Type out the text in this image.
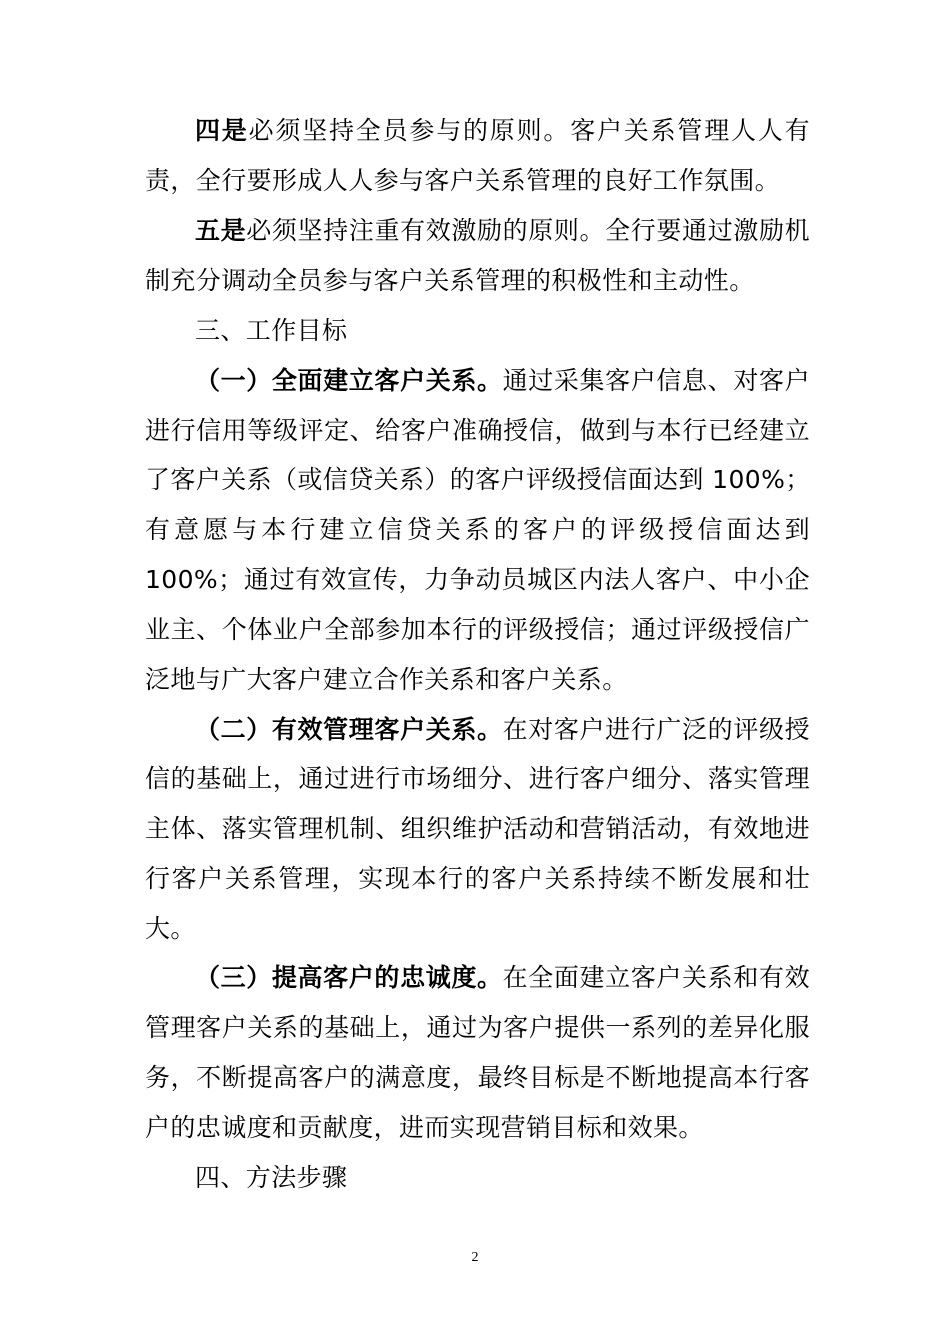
四是必须坚持全员参与的原则。客户关系管理人人有
责，全行要形成人人参与客户关系管理的良好工作氛围。
五是必须坚持注重有效激励的原则。全行要通过激励机
制充分调动全员参与客户关系管理的积极性和主动性。
三、工作目标
（一）全面建立客户关系。通过采集客户信息、对客户
进行信用等级评定、给客户准确授信，做到与本行已经建立
了客户关系（或信贷关系）的客户评级授信面达到 100%；
有意愿与本行建立信贷关系的客户的评级授信面达到
100%；通过有效宣传，力争动员城区内法人客户、中小企
业主、个体业户全部参加本行的评级授信；通过评级授信广
泛地与广大客户建立合作关系和客户关系。
（二）有效管理客户关系。在对客户进行广泛的评级授
信的基础上，通过进行市场细分、进行客户细分、落实管理
主体、落实管理机制、组织维护活动和营销活动，有效地进
行客户关系管理，实现本行的客户关系持续不断发展和壮
大。
（三）提高客户的忠诚度。在全面建立客户关系和有效
管理客户关系的基础上，通过为客户提供一系列的差异化服
务，不断提高客户的满意度，最终目标是不断地提高本行客
户的忠诚度和贡献度，进而实现营销目标和效果。
四、方法步骤
2
